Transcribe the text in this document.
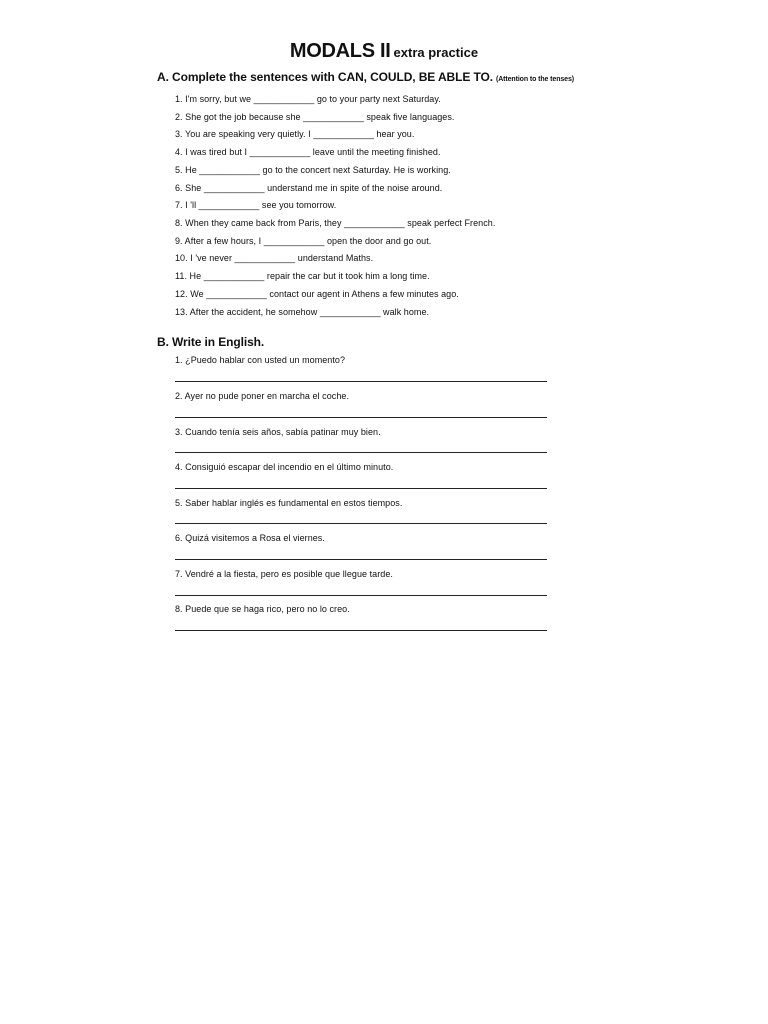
MODALS II extra practice
A. Complete the sentences with CAN, COULD, BE ABLE TO. (Attention to the tenses)
1. I'm sorry, but we ____________ go to your party next Saturday.
2. She got the job because she ____________ speak five languages.
3. You are speaking very quietly. I ____________ hear you.
4. I was tired but I ____________ leave until the meeting finished.
5. He ____________ go to the concert next Saturday. He is working.
6. She ____________ understand me in spite of the noise around.
7. I 'll ____________ see you tomorrow.
8. When they came back from Paris, they ____________ speak perfect French.
9. After a few hours, I ____________ open the door and go out.
10. I 've never ____________ understand Maths.
11. He ____________ repair the car but it took him a long time.
12. We ____________ contact our agent in Athens a few minutes ago.
13. After the accident, he somehow ____________ walk home.
B. Write in English.
1. ¿Puedo hablar con usted un momento?
2. Ayer no pude poner en marcha el coche.
3. Cuando tenía seis años, sabía patinar muy bien.
4. Consiguió escapar del incendio en el último minuto.
5. Saber hablar inglés es fundamental en estos tiempos.
6. Quizá visitemos a Rosa el viernes.
7. Vendré a la fiesta, pero es posible que llegue tarde.
8. Puede que se haga rico, pero no lo creo.
